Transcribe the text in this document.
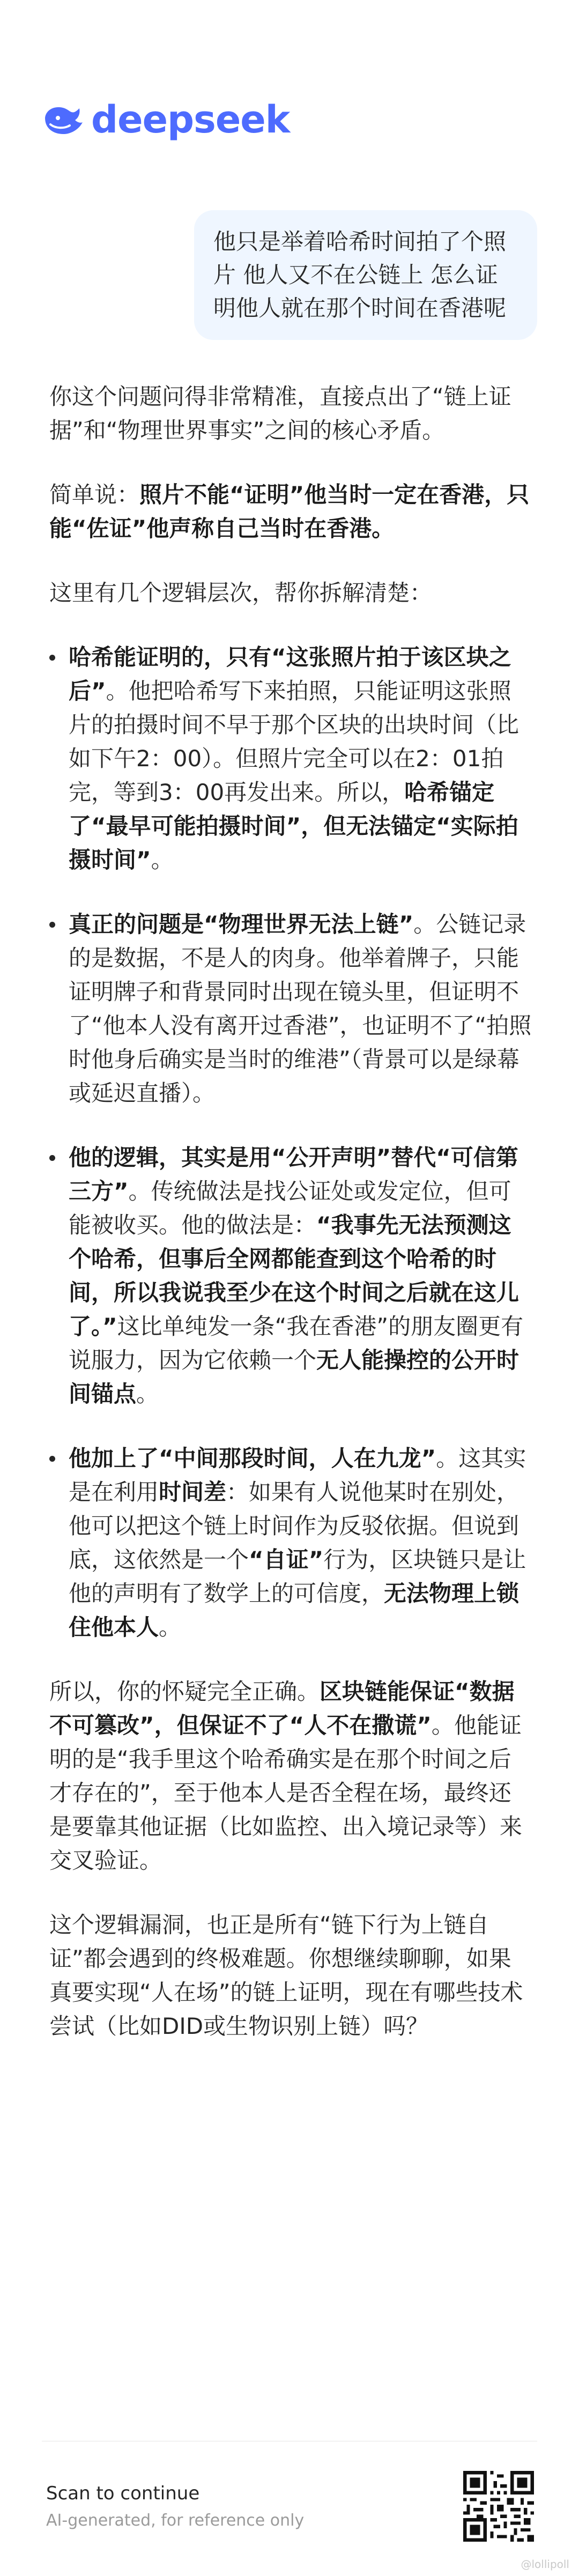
deepseek
他只是举着哈希时间拍了个照片 他人又不在公链上 怎么证明他人就在那个时间在香港呢

你这个问题问得非常精准，直接点出了“链上证据”和“物理世界事实”之间的核心矛盾。

简单说：照片不能“证明”他当时一定在香港，只能“佐证”他声称自己当时在香港。

这里有几个逻辑层次，帮你拆解清楚：

哈希能证明的，只有“这张照片拍于该区块之后”。他把哈希写下来拍照，只能证明这张照片的拍摄时间不早于那个区块的出块时间（比如下午2：00）。但照片完全可以在2：01拍完，等到3：00再发出来。所以，哈希锚定了“最早可能拍摄时间”，但无法锚定“实际拍摄时间”。
真正的问题是“物理世界无法上链”。公链记录的是数据，不是人的肉身。他举着牌子，只能证明牌子和背景同时出现在镜头里，但证明不了“他本人没有离开过香港”，也证明不了“拍照时他身后确实是当时的维港”（背景可以是绿幕或延迟直播）。
他的逻辑，其实是用“公开声明”替代“可信第三方”。传统做法是找公证处或发定位，但可能被收买。他的做法是：“我事先无法预测这个哈希，但事后全网都能查到这个哈希的时间，所以我说我至少在这个时间之后就在这儿了。”这比单纯发一条“我在香港”的朋友圈更有说服力，因为它依赖一个无人能操控的公开时间锚点。
他加上了“中间那段时间，人在九龙”。这其实是在利用时间差：如果有人说他某时在别处，他可以把这个链上时间作为反驳依据。但说到底，这依然是一个“自证”行为，区块链只是让他的声明有了数学上的可信度，无法物理上锁住他本人。

所以，你的怀疑完全正确。区块链能保证“数据不可篡改”，但保证不了“人不在撒谎”。他能证明的是“我手里这个哈希确实是在那个时间之后才存在的”，至于他本人是否全程在场，最终还是要靠其他证据（比如监控、出入境记录等）来交叉验证。

这个逻辑漏洞，也正是所有“链下行为上链自证”都会遇到的终极难题。你想继续聊聊，如果真要实现“人在场”的链上证明，现在有哪些技术尝试（比如DID或生物识别上链）吗？

Scan to continue
AI-generated, for reference only
@lollipoll
